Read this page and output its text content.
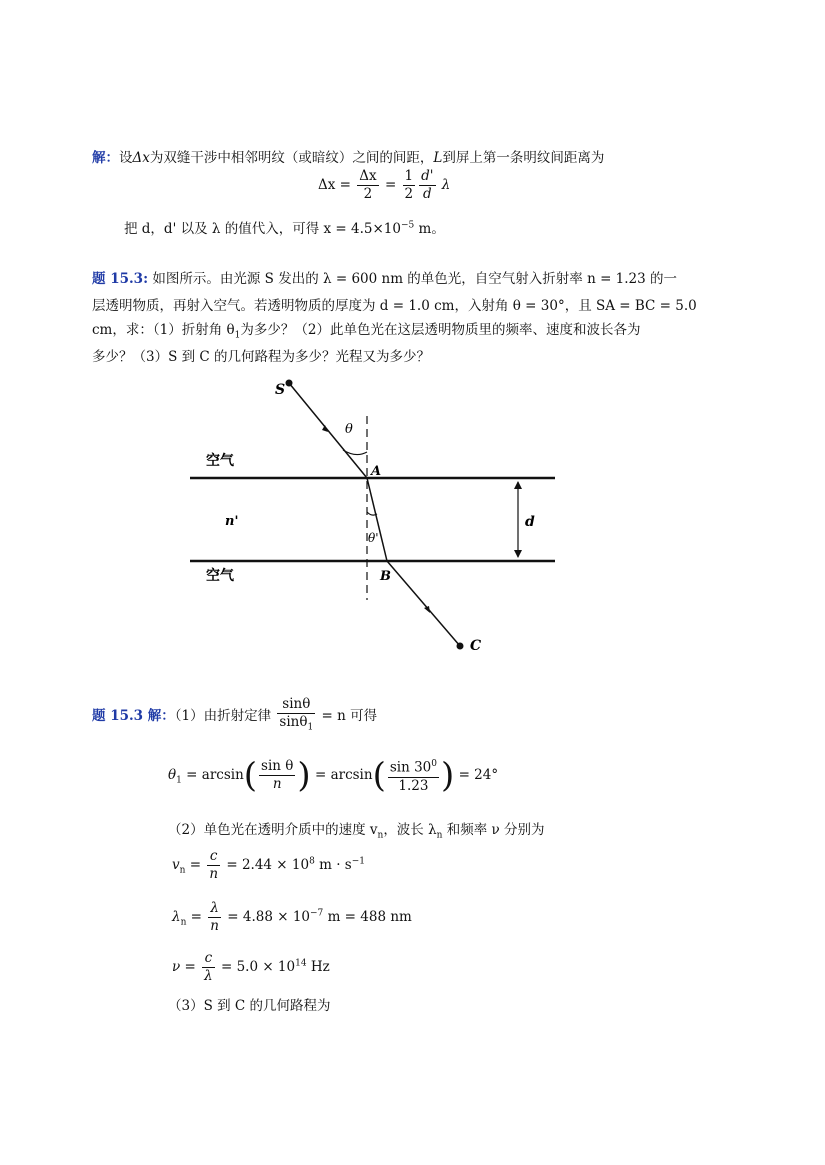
解：设Δx为双缝干涉中相邻明纹（或暗纹）之间的间距，L到屏上第一条明纹间距离为
$\Delta x = \frac{\Delta x}{2} = \frac{1}{2} \frac{d'}{d}$ λ
把 d，d' 以及 λ 的值代入，可得 $x = 4.5\times 10^{-5}$ m。
题 15.3: 如图所示。由光源 S 发出的 λ = 600 nm 的单色光，自空气射入折射率 n = 1.23 的一
层透明物质，再射入空气。若透明物质的厚度为 d = 1.0 cm，入射角 θ = 30°，且 SA = BC = 5.0
cm，求：（1）折射角 $\theta_1$为多少？（2）此单色光在这层透明物质里的频率、速度和波长各为
多少？（3）S 到 C 的几何路程为多少？光程又为多少？
S
θ
A
空气
n'
θ'
d
空气	B
C
题 15.3 解：（1）由折射定律 $\frac{\sin\theta}{\sin\theta_1} = n$ 可得
$\theta_1 = \arcsin( \frac{\text{sin θ}}{n}$ ) = $\arcsin( \frac{\sin 30^0}{1.23}$ ) = 24°
（2）单色光在透明介质中的速度 $v_n$，波长 $\lambda_n$ 和频率 ν 分别为
$v_n = \frac{c}{n} = 2.44 \times 10^8$ $m \cdot s^{-1}$
$\lambda_n = \frac{\lambda}{n} = 4.88 \times 10^{-7}$ m = 488 nm
$\nu = \frac{c}{\lambda} = 5.0 \times 10^{14}$ Hz
（3）S 到 C 的几何路程为
